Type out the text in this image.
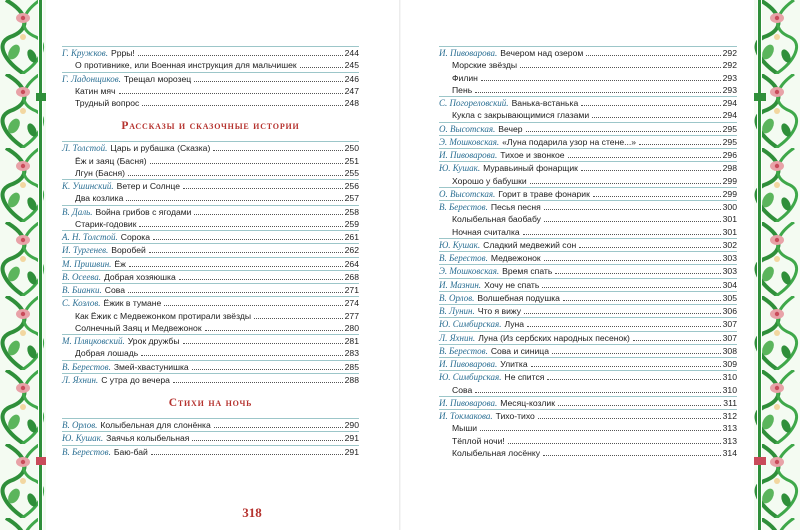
Г. Кружков. Ррры!	244
О противнике, или Военная инструкция для мальчишек	245
Г. Ладонщиков. Трещал морозец	246
Катин мяч	247
Трудный вопрос	248
Рассказы и сказочные истории
Л. Толстой. Царь и рубашка (Сказка)	250
Ёж и заяц (Басня)	251
Лгун (Басня)	255
К. Ушинский. Ветер и Солнце	256
Два козлика	257
В. Даль. Война грибов с ягодами	258
Старик-годовик	259
А. Н. Толстой. Сорока	261
И. Тургенев. Воробей	262
М. Пришвин. Ёж	264
В. Осеева. Добрая хозяюшка	268
В. Бианки. Сова	271
С. Козлов. Ёжик в тумане	274
Как Ёжик с Медвежонком протирали звёзды	277
Солнечный Заяц и Медвежонок	280
М. Пляцковский. Урок дружбы	281
Добрая лошадь	283
В. Берестов. Змей-хвастунишка	285
Л. Яхнин. С утра до вечера	288
Стихи на ночь
В. Орлов. Колыбельная для слонёнка	290
Ю. Кушак. Заячья колыбельная	291
В. Берестов. Баю-бай	291
318
И. Пивоварова. Вечером над озером	292
Морские звёзды	292
Филин	293
Пень	293
С. Погореловский. Ванька-встанька	294
Кукла с закрывающимися глазами	294
О. Высотская. Вечер	295
Э. Мошковская. «Луна подарила узор на стене...»	295
И. Пивоварова. Тихое и звонкое	296
Ю. Кушак. Муравьиный фонарщик	298
Хорошо у бабушки	299
О. Высотская. Горит в траве фонарик	299
В. Берестов. Песья песня	300
Колыбельная баобабу	301
Ночная считалка	301
Ю. Кушак. Сладкий медвежий сон	302
В. Берестов. Медвежонок	303
Э. Мошковская. Время спать	303
И. Мазнин. Хочу не спать	304
В. Орлов. Волшебная подушка	305
В. Лунин. Что я вижу	306
Ю. Симбирская. Луна	307
Л. Яхнин. Луна (Из сербских народных песенок)	307
В. Берестов. Сова и синица	308
И. Пивоварова. Улитка	309
Ю. Симбирская. Не спится	310
Сова	310
И. Пивоварова. Месяц-козлик	311
И. Токмакова. Тихо-тихо	312
Мыши	313
Тёплой ночи!	313
Колыбельная лосёнку	314
